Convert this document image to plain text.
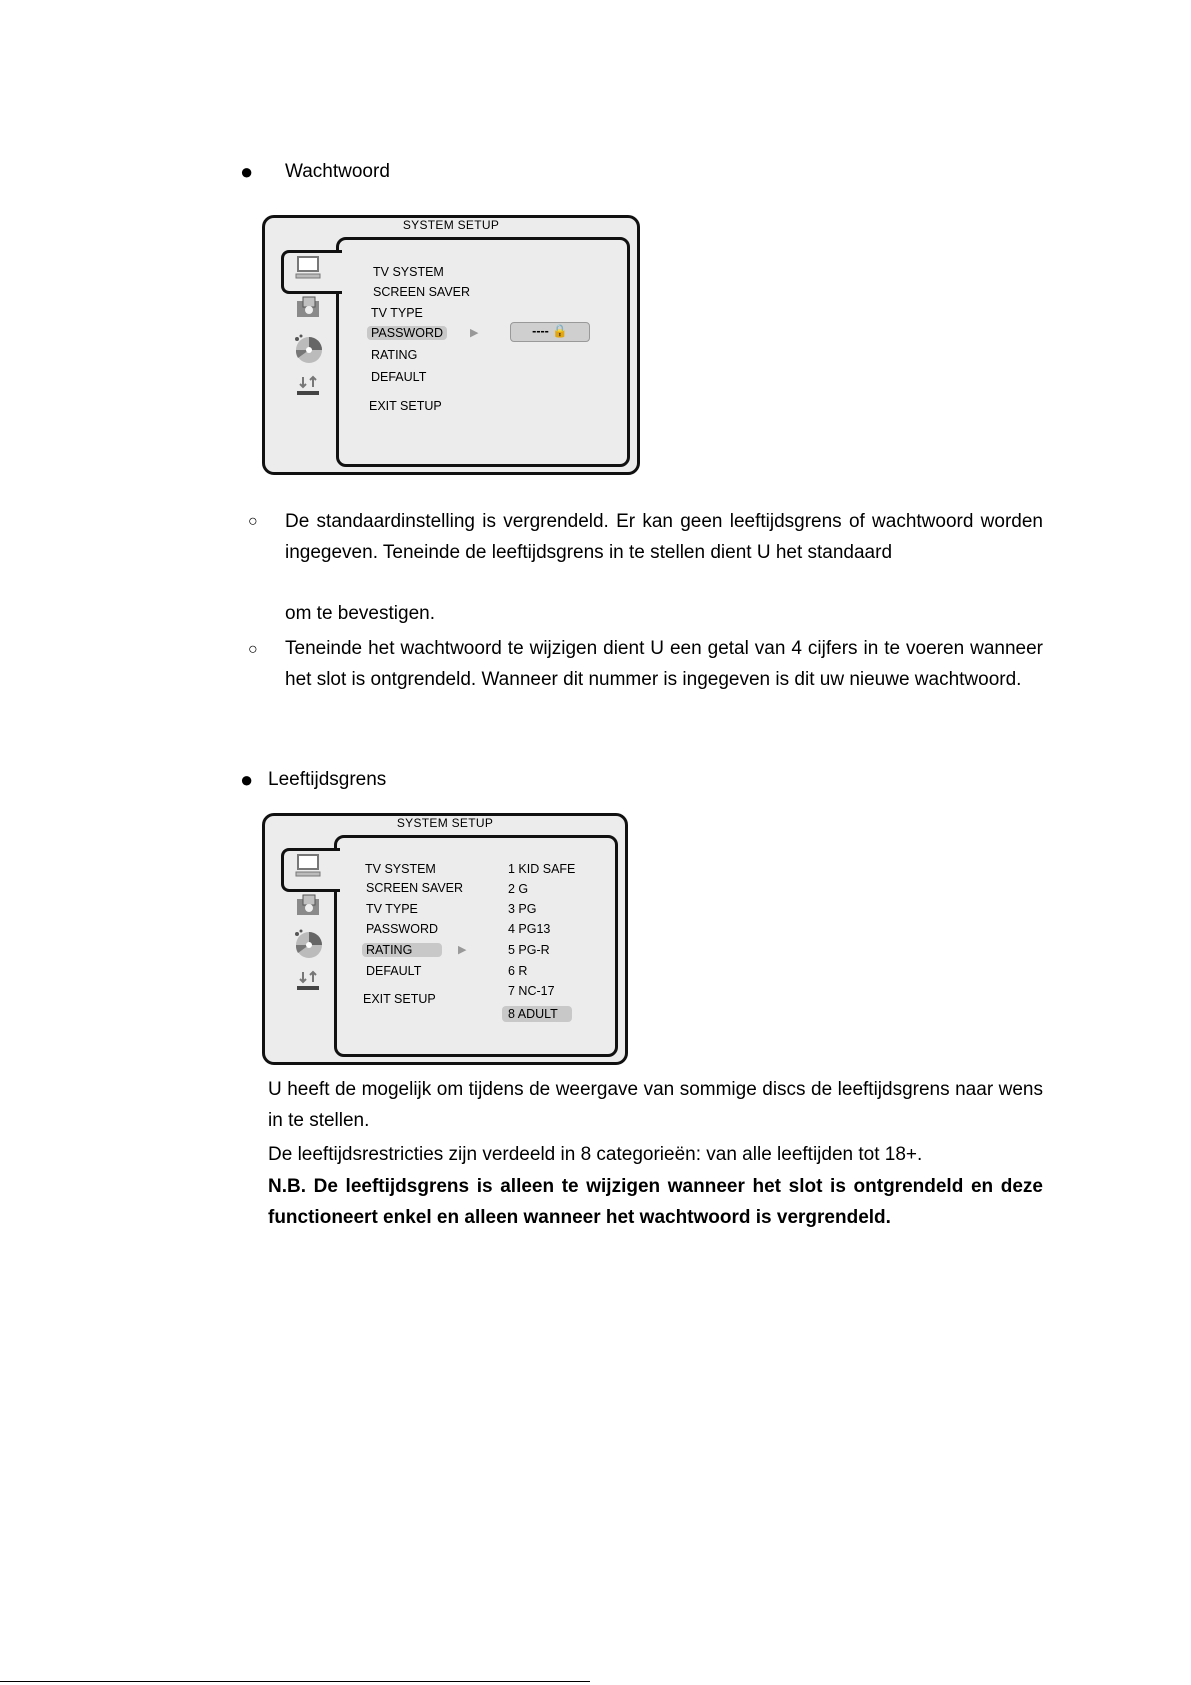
● Wachtwoord
SYSTEM SETUP
TV SYSTEM
SCREEN SAVER
TV TYPE
PASSWORD
RATING
DEFAULT
EXIT SETUP
▶	---- 🔒
○ De standaardinstelling is vergrendeld. Er kan geen leeftijdsgrens of wachtwoord worden ingegeven. Teneinde de leeftijdsgrens in te stellen dient U het standaard
om te bevestigen.
○ Teneinde het wachtwoord te wijzigen dient U een getal van 4 cijfers in te voeren wanneer het slot is ontgrendeld. Wanneer dit nummer is ingegeven is dit uw nieuwe wachtwoord.
● Leeftijdsgrens
SYSTEM SETUP
TV SYSTEM
SCREEN SAVER
TV TYPE
PASSWORD
RATING
DEFAULT
EXIT SETUP
▶
1 KID SAFE
2 G
3 PG
4 PG13
5 PG-R
6 R
7 NC-17
8 ADULT
U heeft de mogelijk om tijdens de weergave van sommige discs de leeftijdsgrens naar wens in te stellen.
De leeftijdsrestricties zijn verdeeld in 8 categorieën: van alle leeftijden tot 18+.
N.B. De leeftijdsgrens is alleen te wijzigen wanneer het slot is ontgrendeld en deze functioneert enkel en alleen wanneer het wachtwoord is vergrendeld.
